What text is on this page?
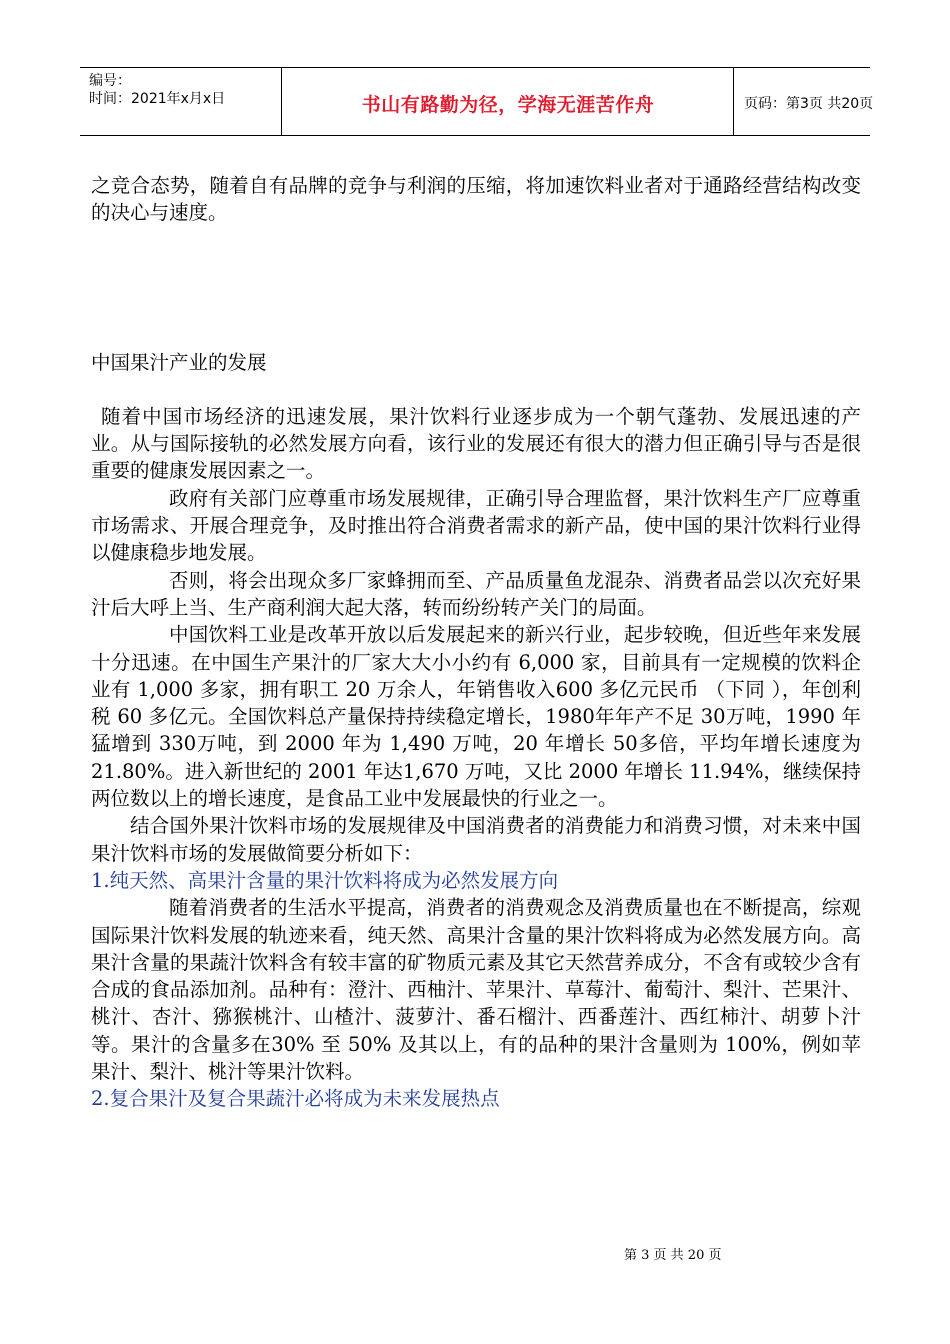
编号：
时间：2021年x月x日	书山有路勤为径，学海无涯苦作舟	页码：第3页 共20页

之竞合态势，随着自有品牌的竞争与利润的压缩，将加速饮料业者对于通路经营结构改变的决心与速度。

中国果汁产业的发展

随着中国市场经济的迅速发展，果汁饮料行业逐步成为一个朝气蓬勃、发展迅速的产业。从与国际接轨的必然发展方向看，该行业的发展还有很大的潜力但正确引导与否是很重要的健康发展因素之一。

政府有关部门应尊重市场发展规律，正确引导合理监督，果汁饮料生产厂应尊重市场需求、开展合理竞争，及时推出符合消费者需求的新产品，使中国的果汁饮料行业得以健康稳步地发展。

否则，将会出现众多厂家蜂拥而至、产品质量鱼龙混杂、消费者品尝以次充好果汁后大呼上当、生产商利润大起大落，转而纷纷转产关门的局面。

中国饮料工业是改革开放以后发展起来的新兴行业，起步较晚，但近些年来发展十分迅速。在中国生产果汁的厂家大大小小约有 6,000 家，目前具有一定规模的饮料企业有 1,000 多家，拥有职工 20 万余人，年销售收入600 多亿元民币 （下同 ），年创利税 60 多亿元。全国饮料总产量保持持续稳定增长，1980年年产不足 30万吨，1990 年猛增到 330万吨，到 2000 年为 1,490 万吨，20 年增长 50多倍，平均年增长速度为 21.80%。进入新世纪的 2001 年达1,670 万吨，又比 2000 年增长 11.94%，继续保持两位数以上的增长速度，是食品工业中发展最快的行业之一。

结合国外果汁饮料市场的发展规律及中国消费者的消费能力和消费习惯，对未来中国果汁饮料市场的发展做简要分析如下：

1.纯天然、高果汁含量的果汁饮料将成为必然发展方向

随着消费者的生活水平提高，消费者的消费观念及消费质量也在不断提高，综观国际果汁饮料发展的轨迹来看，纯天然、高果汁含量的果汁饮料将成为必然发展方向。高果汁含量的果蔬汁饮料含有较丰富的矿物质元素及其它天然营养成分，不含有或较少含有合成的食品添加剂。品种有：澄汁、西柚汁、苹果汁、草莓汁、葡萄汁、梨汁、芒果汁、桃汁、杏汁、猕猴桃汁、山楂汁、菠萝汁、番石榴汁、西番莲汁、西红柿汁、胡萝卜汁等。果汁的含量多在30% 至 50% 及其以上，有的品种的果汁含量则为 100%，例如苹果汁、梨汁、桃汁等果汁饮料。

2.复合果汁及复合果蔬汁必将成为未来发展热点

第 3 页 共 20 页
